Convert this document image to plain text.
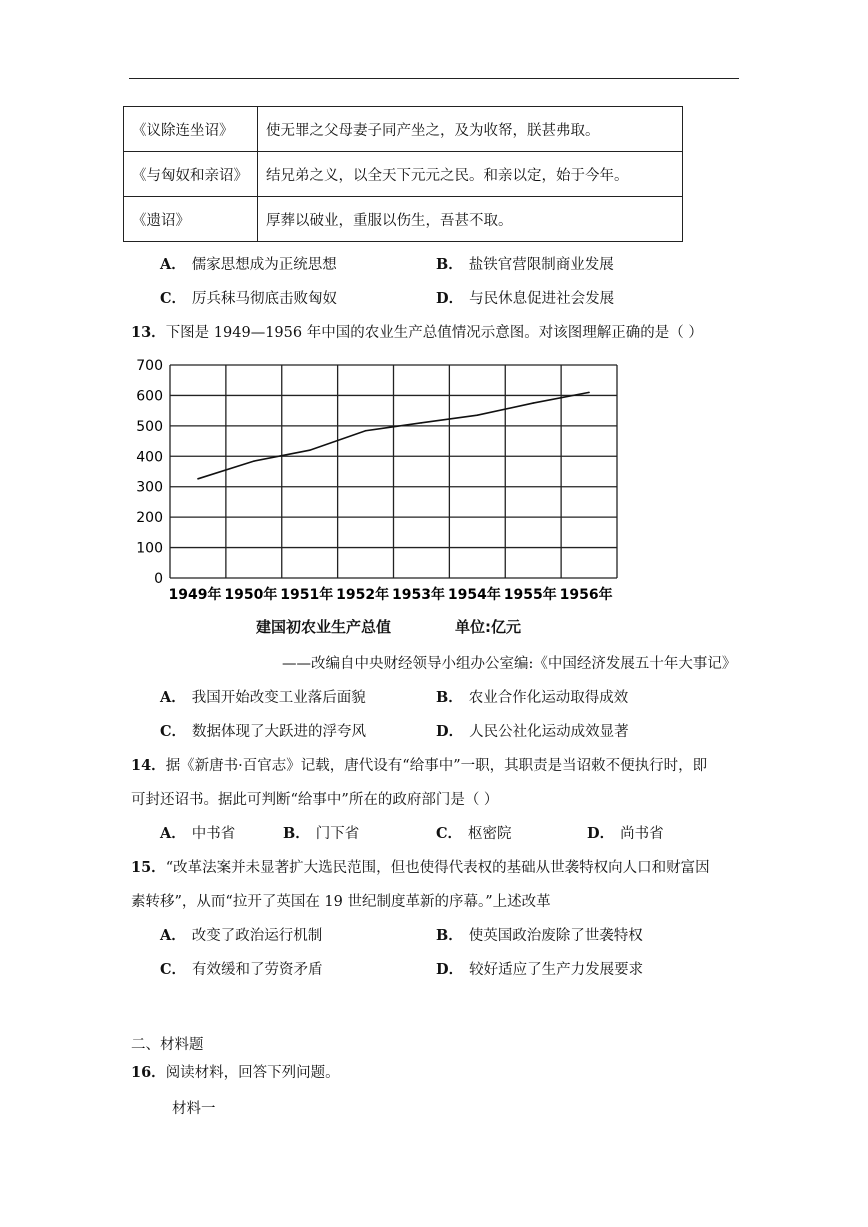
《议除连坐诏》	使无罪之父母妻子同产坐之，及为收帑，朕甚弗取。
《与匈奴和亲诏》	结兄弟之义，以全天下元元之民。和亲以定，始于今年。
《遗诏》	厚葬以破业，重服以伤生，吾甚不取。
A． 儒家思想成为正统思想	B． 盐铁官营限制商业发展
C． 厉兵秣马彻底击败匈奴	D． 与民休息促进社会发展
13．下图是 1949—1956 年中国的农业生产总值情况示意图。对该图理解正确的是（ ）
0
100
200
300
400
500
600
700
1949年 1950年 1951年 1952年 1953年 1954年 1955年 1956年
建国初农业生产总值	单位:亿元
——改编自中央财经领导小组办公室编:《中国经济发展五十年大事记》
A． 我国开始改变工业落后面貌	B． 农业合作化运动取得成效
C． 数据体现了大跃进的浮夸风	D． 人民公社化运动成效显著
14．据《新唐书·百官志》记载，唐代设有“给事中”一职，其职责是当诏敕不便执行时，即
可封还诏书。据此可判断“给事中”所在的政府部门是（ ）
A． 中书省	B． 门下省	C． 枢密院	D． 尚书省
15．“改革法案并未显著扩大选民范围，但也使得代表权的基础从世袭特权向人口和财富因
素转移”，从而“拉开了英国在 19 世纪制度革新的序幕。”上述改革
A． 改变了政治运行机制	B． 使英国政治废除了世袭特权
C． 有效缓和了劳资矛盾	D． 较好适应了生产力发展要求
二、材料题
16．阅读材料，回答下列问题。
材料一
